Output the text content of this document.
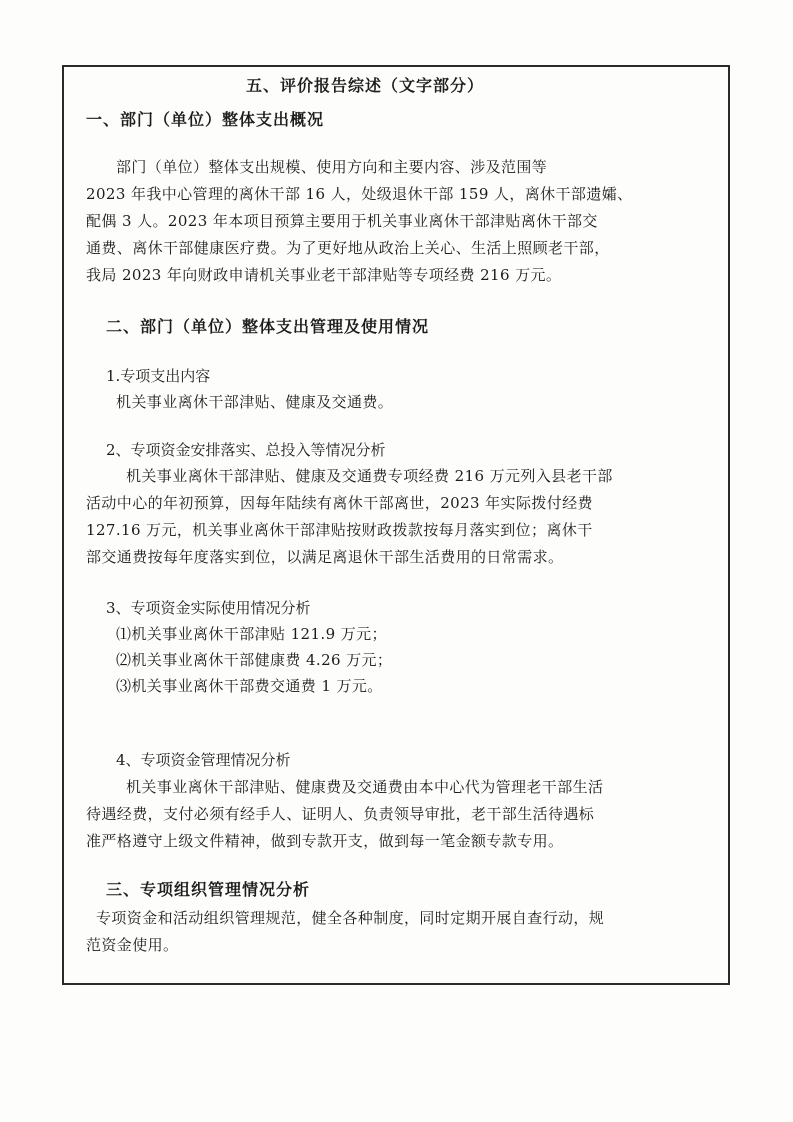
五、评价报告综述（文字部分）
一、部门（单位）整体支出概况
部门（单位）整体支出规模、使用方向和主要内容、涉及范围等
2023 年我中心管理的离休干部 16 人，处级退休干部 159 人，离休干部遗孀、
配偶 3 人。2023 年本项目预算主要用于机关事业离休干部津贴离休干部交
通费、离休干部健康医疗费。为了更好地从政治上关心、生活上照顾老干部，
我局 2023 年向财政申请机关事业老干部津贴等专项经费 216 万元。
二、部门（单位）整体支出管理及使用情况
1.专项支出内容
机关事业离休干部津贴、健康及交通费。
2、专项资金安排落实、总投入等情况分析
机关事业离休干部津贴、健康及交通费专项经费 216 万元列入县老干部
活动中心的年初预算，因每年陆续有离休干部离世，2023 年实际拨付经费
127.16 万元，机关事业离休干部津贴按财政拨款按每月落实到位；离休干
部交通费按每年度落实到位，以满足离退休干部生活费用的日常需求。
3、专项资金实际使用情况分析
⑴机关事业离休干部津贴 121.9 万元；
⑵机关事业离休干部健康费 4.26 万元；
⑶机关事业离休干部费交通费 1 万元。
4、专项资金管理情况分析
机关事业离休干部津贴、健康费及交通费由本中心代为管理老干部生活
待遇经费，支付必须有经手人、证明人、负责领导审批，老干部生活待遇标
准严格遵守上级文件精神，做到专款开支，做到每一笔金额专款专用。
三、专项组织管理情况分析
专项资金和活动组织管理规范，健全各种制度，同时定期开展自查行动，规
范资金使用。
